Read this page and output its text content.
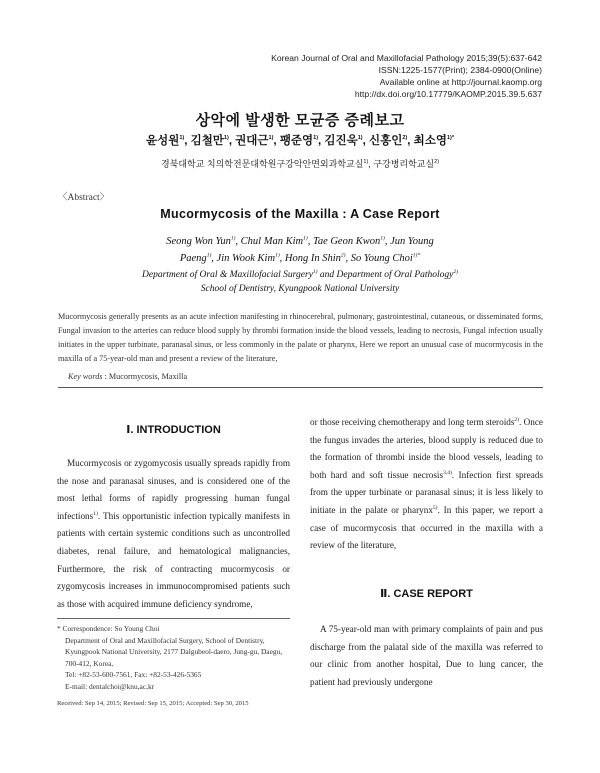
Korean Journal of Oral and Maxillofacial Pathology 2015;39(5):637-642
ISSN:1225-1577(Print); 2384-0900(Online)
Available online at http://journal.kaomp.org
http://dx.doi.org/10.17779/KAOMP.2015.39.5.637
상악에 발생한 모균증 증례보고
윤성원$^{1)}$, 김철만$^{1)}$, 권대근$^{1)}$, 팽준영$^{1)}$, 김진욱$^{1)}$, 신홍인$^{2)}$, 최소영$^{1)*}$
경북대학교 치의학전문대학원구강악안면외과학교실$^{1)}$, 구강병리학교실$^{2)}$
〈Abstract〉
Mucormycosis of the Maxilla : A Case Report
Seong Won Yun$^{1)}$, Chul Man Kim$^{1)}$, Tae Geon Kwon$^{1)}$, Jun Young Paeng$^{1)}$, Jin Wook Kim$^{1)}$, Hong In Shin$^{2)}$, So Young Choi$^{1)*}$
Department of Oral & Maxillofacial Surgery$^{1)}$ and Department of Oral Pathology$^{2)}$
School of Dentistry, Kyungpook National University
Mucormycosis generally presents as an acute infection manifesting in rhinocerebral, pulmonary, gastrointestinal, cutaneous, or disseminated forms, Fungal invasion to the arteries can reduce blood supply by thrombi formation inside the blood vessels, leading to necrosis, Fungal infection usually initiates in the upper turbinate, paranasal sinus, or less commonly in the palate or pharynx, Here we report an unusual case of mucormycosis in the maxilla of a 75-year-old man and present a review of the literature,
Key words : Mucormycosis, Maxilla
Ⅰ. INTRODUCTION
Mucormycosis or zygomycosis usually spreads rapidly from the nose and paranasal sinuses, and is considered one of the most lethal forms of rapidly progressing human fungal infections$^{1)}$. This opportunistic infection typically manifests in patients with certain systemic conditions such as uncontrolled diabetes, renal failure, and hematological malignancies, Furthermore, the risk of contracting mucormycosis or zygomycosis increases in immunocompromised patients such as those with acquired immune deficiency syndrome,
or those receiving chemotherapy and long term steroids$^{2)}$. Once the fungus invades the arteries, blood supply is reduced due to the formation of thrombi inside the blood vessels, leading to both hard and soft tissue necrosis$^{3,4)}$. Infection first spreads from the upper turbinate or paranasal sinus; it is less likely to initiate in the palate or pharynx$^{5)}$. In this paper, we report a case of mucormycosis that occurred in the maxilla with a review of the literature,
Ⅱ. CASE REPORT
A 75-year-old man with primary complaints of pain and pus discharge from the palatal side of the maxilla was referred to our clinic from another hospital, Due to lung cancer, the patient had previously undergone
* Correspondence: So Young Choi
Department of Oral and Maxillofacial Surgery, School of Dentistry, Kyungpook National University, 2177 Dalgubeol-daero, Jung-gu, Daegu, 700-412, Korea,
Tel: +82-53-600-7561, Fax: +82-53-426-5365
E-mail: dentalchoi@knu,ac,kr
Received: Sep 14, 2015; Revised: Sep 15, 2015; Accepted: Sep 30, 2015
